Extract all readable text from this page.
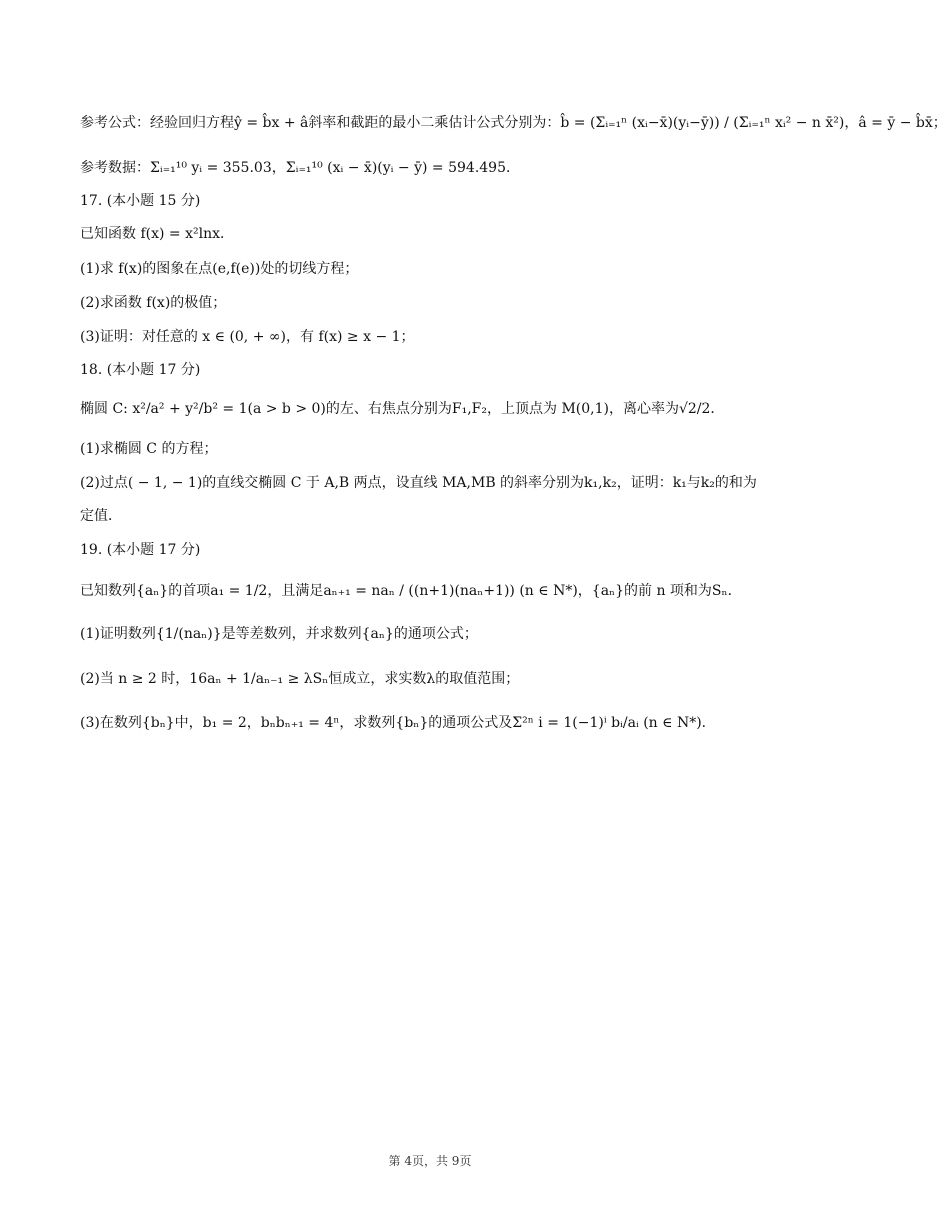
参考公式：经验回归方程ŷ = b̂x + â斜率和截距的最小二乘估计公式分别为：b̂ = (Σᵢ₌₁ⁿ (xᵢ−x̄)(yᵢ−ȳ)) / (Σᵢ₌₁ⁿ xᵢ² − n x̄²)，â = ȳ − b̂x̄；
参考数据：Σᵢ₌₁¹⁰ yᵢ = 355.03，Σᵢ₌₁¹⁰ (xᵢ − x̄)(yᵢ − ȳ) = 594.495．
17. (本小题 15 分)
已知函数 f(x) = x²lnx．
(1)求 f(x)的图象在点(e,f(e))处的切线方程；
(2)求函数 f(x)的极值；
(3)证明：对任意的 x ∈ (0, + ∞)，有 f(x) ≥ x − 1；
18. (本小题 17 分)
椭圆 C: x²/a² + y²/b² = 1(a > b > 0)的左、右焦点分别为F₁,F₂，上顶点为 M(0,1)，离心率为√2/2．
(1)求椭圆 C 的方程；
(2)过点( − 1, − 1)的直线交椭圆 C 于 A,B 两点，设直线 MA,MB 的斜率分别为k₁,k₂，证明：k₁与k₂的和为
定值．
19. (本小题 17 分)
已知数列{aₙ}的首项a₁ = 1/2，且满足aₙ₊₁ = naₙ / ((n+1)(naₙ+1)) (n ∈ N*)，{aₙ}的前 n 项和为Sₙ．
(1)证明数列{1/(naₙ)}是等差数列，并求数列{aₙ}的通项公式；
(2)当 n ≥ 2 时，16aₙ + 1/aₙ₋₁ ≥ λSₙ恒成立，求实数λ的取值范围；
(3)在数列{bₙ}中，b₁ = 2，bₙbₙ₊₁ = 4ⁿ，求数列{bₙ}的通项公式及Σ²ⁿ i = 1(−1)ⁱ bᵢ/aᵢ (n ∈ N*)．
第 4页，共 9页
